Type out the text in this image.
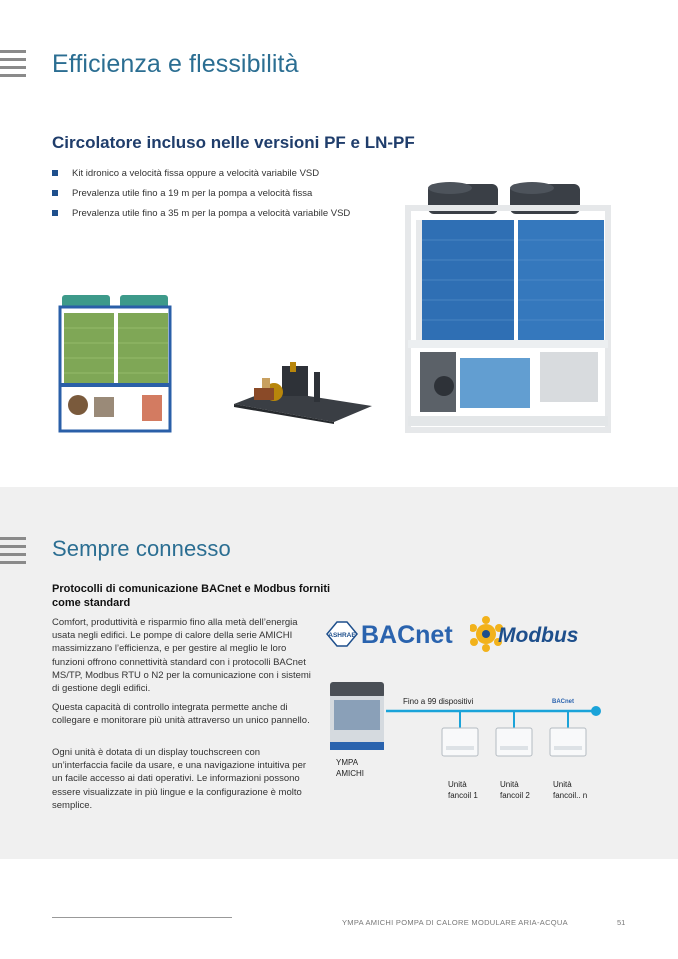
Efficienza e flessibilità
Circolatore incluso nelle versioni PF e LN-PF
Kit idronico a velocità fissa oppure a velocità variabile VSD
Prevalenza utile fino a 19 m per la pompa a velocità fissa
Prevalenza utile fino a 35 m per la pompa a velocità variabile VSD
Sempre connesso
Protocolli di comunicazione BACnet e Modbus forniti come standard

Comfort, produttività e risparmio fino alla metà dell’energia usata negli edifici. Le pompe di calore della serie AMICHI massimizzano l’efficienza, e per gestire al meglio le loro funzioni offrono connettività standard con i protocolli BACnet MS/TP, Modbus RTU o N2 per la comunicazione con i sistemi di gestione degli edifici.

Questa capacità di controllo integrata permette anche di collegare e monitorare più unità attraverso un unico pannello.

Ogni unità è dotata di un display touchscreen con un’interfaccia facile da usare, e una navigazione intuitiva per un facile accesso ai dati operativi. Le informazioni possono essere visualizzate in più lingue e la configurazione è molto semplice.

ASHRAE BACnet Modbus
BACnet
Fino a 99 dispositivi
YMPA
AMICHI
Unità
fancoil 1
Unità
fancoil 2
Unità
fancoil.. n
YMPA AMICHI POMPA DI CALORE MODULARE ARIA-ACQUA	51
